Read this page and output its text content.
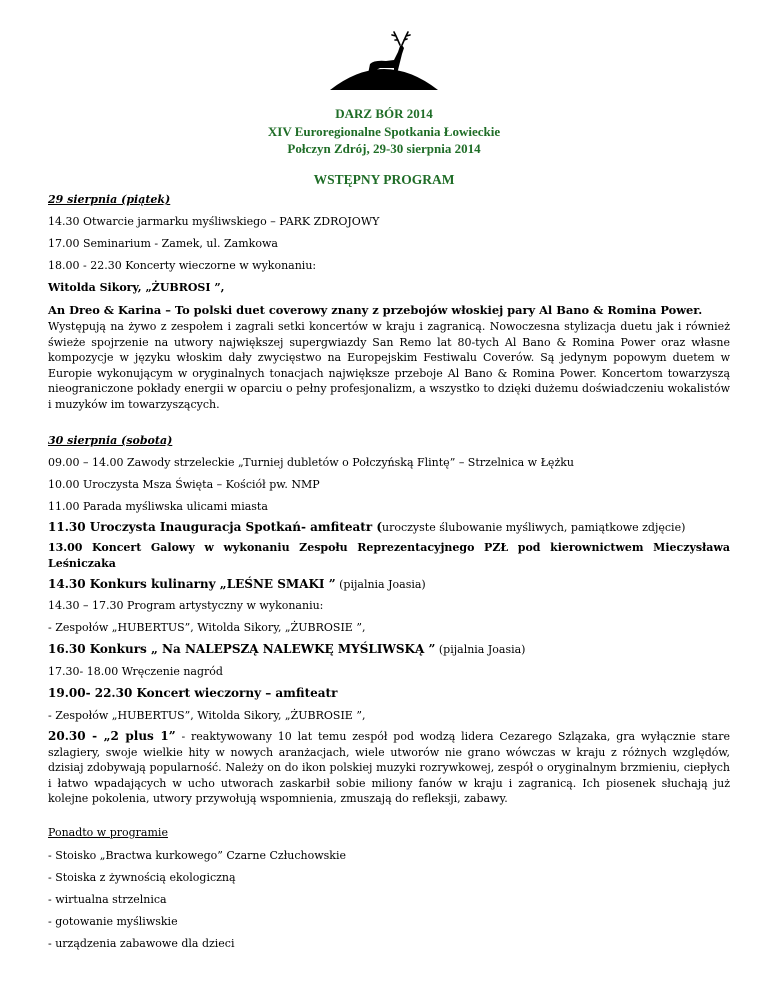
DARZ BÓR 2014
XIV Euroregionalne Spotkania Łowieckie
Połczyn Zdrój, 29-30 sierpnia 2014
WSTĘPNY PROGRAM
29 sierpnia (piątek)
14.30 Otwarcie jarmarku myśliwskiego – PARK ZDROJOWY
17.00 Seminarium - Zamek, ul. Zamkowa
18.00 - 22.30 Koncerty wieczorne w wykonaniu:
Witolda Sikory, „ŻUBROSI ”,
An Dreo & Karina – To polski duet coverowy znany z przebojów włoskiej pary Al Bano & Romina Power.
Występują na żywo z zespołem i zagrali setki koncertów w kraju i zagranicą. Nowoczesna stylizacja duetu jak i również świeże spojrzenie na utwory największej supergwiazdy San Remo lat 80-tych Al Bano & Romina Power oraz własne kompozycje w języku włoskim dały zwycięstwo na Europejskim Festiwalu Coverów. Są jedynym popowym duetem w Europie wykonującym w oryginalnych tonacjach największe przeboje Al Bano & Romina Power. Koncertom towarzyszą nieograniczone pokłady energii w oparciu o pełny profesjonalizm, a wszystko to dzięki dużemu doświadczeniu wokalistów i muzyków im towarzyszących.
30 sierpnia (sobota)
09.00 – 14.00 Zawody strzeleckie „Turniej dubletów o Połczyńską Flintę” – Strzelnica w Łężku
10.00 Uroczysta Msza Święta – Kościół pw. NMP
11.00 Parada myśliwska ulicami miasta
11.30 Uroczysta Inauguracja Spotkań- amfiteatr (uroczyste ślubowanie myśliwych, pamiątkowe zdjęcie)
13.00 Koncert Galowy w wykonaniu Zespołu Reprezentacyjnego PZŁ pod kierownictwem Mieczysława Leśniczaka
14.30 Konkurs kulinarny „LEŚNE SMAKI ” (pijalnia Joasia)
14.30 – 17.30 Program artystyczny w wykonaniu:
- Zespołów „HUBERTUS”, Witolda Sikory, „ŻUBROSIE ”,
16.30 Konkurs „ Na NALEPSZĄ NALEWKĘ MYŚLIWSKĄ ” (pijalnia Joasia)
17.30- 18.00 Wręczenie nagród
19.00- 22.30 Koncert wieczorny – amfiteatr
- Zespołów „HUBERTUS”, Witolda Sikory, „ŻUBROSIE ”,
20.30 - „2 plus 1” - reaktywowany 10 lat temu zespół pod wodzą lidera Cezarego Szlązaka, gra wyłącznie stare szlagiery, swoje wielkie hity w nowych aranżacjach, wiele utworów nie grano wówczas w kraju z różnych względów, dzisiaj zdobywają popularność. Należy on do ikon polskiej muzyki rozrywkowej, zespół o oryginalnym brzmieniu, ciepłych i łatwo wpadających w ucho utworach zaskarbił sobie miliony fanów w kraju i zagranicą. Ich piosenek słuchają już kolejne pokolenia, utwory przywołują wspomnienia, zmuszają do refleksji, zabawy.
Ponadto w programie
- Stoisko „Bractwa kurkowego” Czarne Człuchowskie
- Stoiska z żywnością ekologiczną
- wirtualna strzelnica
- gotowanie myśliwskie
- urządzenia zabawowe dla dzieci
